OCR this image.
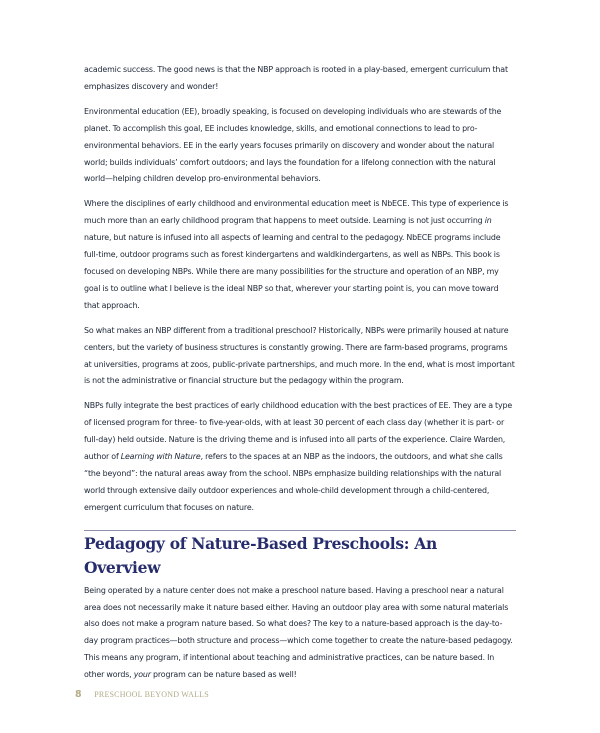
academic success. The good news is that the NBP approach is rooted in a play-based, emergent curriculum that emphasizes discovery and wonder!

Environmental education (EE), broadly speaking, is focused on developing individuals who are stewards of the planet. To accomplish this goal, EE includes knowledge, skills, and emotional connections to lead to pro-environmental behaviors. EE in the early years focuses primarily on discovery and wonder about the natural world; builds individuals’ comfort outdoors; and lays the foundation for a lifelong connection with the natural world—helping children develop pro-environmental behaviors.

Where the disciplines of early childhood and environmental education meet is NbECE. This type of experience is much more than an early childhood program that happens to meet outside. Learning is not just occurring in nature, but nature is infused into all aspects of learning and central to the pedagogy. NbECE programs include full-time, outdoor programs such as forest kindergartens and waldkindergartens, as well as NBPs. This book is focused on developing NBPs. While there are many possibilities for the structure and operation of an NBP, my goal is to outline what I believe is the ideal NBP so that, wherever your starting point is, you can move toward that approach.

So what makes an NBP different from a traditional preschool? Historically, NBPs were primarily housed at nature centers, but the variety of business structures is constantly growing. There are farm-based programs, programs at universities, programs at zoos, public-private partnerships, and much more. In the end, what is most important is not the administrative or financial structure but the pedagogy within the program.

NBPs fully integrate the best practices of early childhood education with the best practices of EE. They are a type of licensed program for three- to five-year-olds, with at least 30 percent of each class day (whether it is part- or full-day) held outside. Nature is the driving theme and is infused into all parts of the experience. Claire Warden, author of Learning with Nature, refers to the spaces at an NBP as the indoors, the outdoors, and what she calls “the beyond”: the natural areas away from the school. NBPs emphasize building relationships with the natural world through extensive daily outdoor experiences and whole-child development through a child-centered, emergent curriculum that focuses on nature.

Pedagogy of Nature-Based Preschools: An Overview

Being operated by a nature center does not make a preschool nature based. Having a preschool near a natural area does not necessarily make it nature based either. Having an outdoor play area with some natural materials also does not make a program nature based. So what does? The key to a nature-based approach is the day-to-day program practices—both structure and process—which come together to create the nature-based pedagogy. This means any program, if intentional about teaching and administrative practices, can be nature based. In other words, your program can be nature based as well!

8 PRESCHOOL BEYOND WALLS
